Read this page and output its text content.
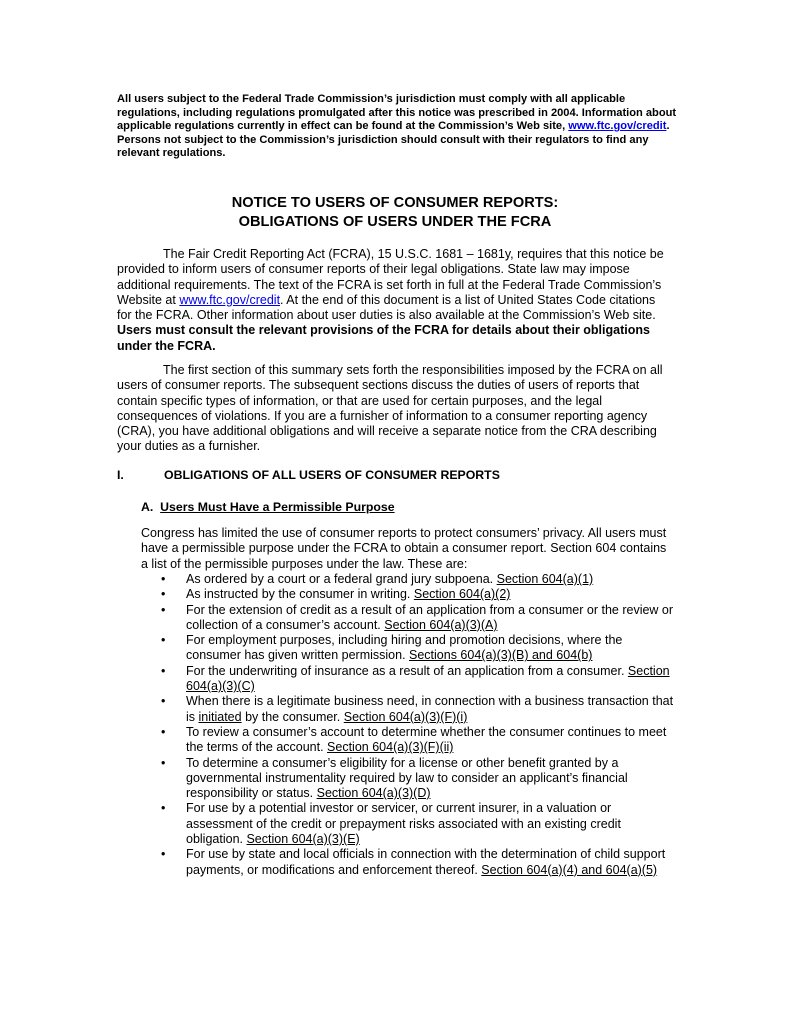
All users subject to the Federal Trade Commission’s jurisdiction must comply with all applicable regulations, including regulations promulgated after this notice was prescribed in 2004. Information about applicable regulations currently in effect can be found at the Commission’s Web site, www.ftc.gov/credit. Persons not subject to the Commission’s jurisdiction should consult with their regulators to find any relevant regulations.
NOTICE TO USERS OF CONSUMER REPORTS:
OBLIGATIONS OF USERS UNDER THE FCRA
The Fair Credit Reporting Act (FCRA), 15 U.S.C. 1681 – 1681y, requires that this notice be provided to inform users of consumer reports of their legal obligations. State law may impose additional requirements. The text of the FCRA is set forth in full at the Federal Trade Commission’s Website at www.ftc.gov/credit. At the end of this document is a list of United States Code citations for the FCRA. Other information about user duties is also available at the Commission’s Web site. Users must consult the relevant provisions of the FCRA for details about their obligations under the FCRA.
The first section of this summary sets forth the responsibilities imposed by the FCRA on all users of consumer reports. The subsequent sections discuss the duties of users of reports that contain specific types of information, or that are used for certain purposes, and the legal consequences of violations. If you are a furnisher of information to a consumer reporting agency (CRA), you have additional obligations and will receive a separate notice from the CRA describing your duties as a furnisher.
I.	OBLIGATIONS OF ALL USERS OF CONSUMER REPORTS
A. Users Must Have a Permissible Purpose
Congress has limited the use of consumer reports to protect consumers’ privacy. All users must have a permissible purpose under the FCRA to obtain a consumer report. Section 604 contains a list of the permissible purposes under the law. These are:
• As ordered by a court or a federal grand jury subpoena. Section 604(a)(1)
• As instructed by the consumer in writing. Section 604(a)(2)
• For the extension of credit as a result of an application from a consumer or the review or collection of a consumer’s account. Section 604(a)(3)(A)
• For employment purposes, including hiring and promotion decisions, where the consumer has given written permission. Sections 604(a)(3)(B) and 604(b)
• For the underwriting of insurance as a result of an application from a consumer. Section 604(a)(3)(C)
• When there is a legitimate business need, in connection with a business transaction that is initiated by the consumer. Section 604(a)(3)(F)(i)
• To review a consumer’s account to determine whether the consumer continues to meet the terms of the account. Section 604(a)(3)(F)(ii)
• To determine a consumer’s eligibility for a license or other benefit granted by a governmental instrumentality required by law to consider an applicant’s financial responsibility or status. Section 604(a)(3)(D)
• For use by a potential investor or servicer, or current insurer, in a valuation or assessment of the credit or prepayment risks associated with an existing credit obligation. Section 604(a)(3)(E)
• For use by state and local officials in connection with the determination of child support payments, or modifications and enforcement thereof. Section 604(a)(4) and 604(a)(5)
